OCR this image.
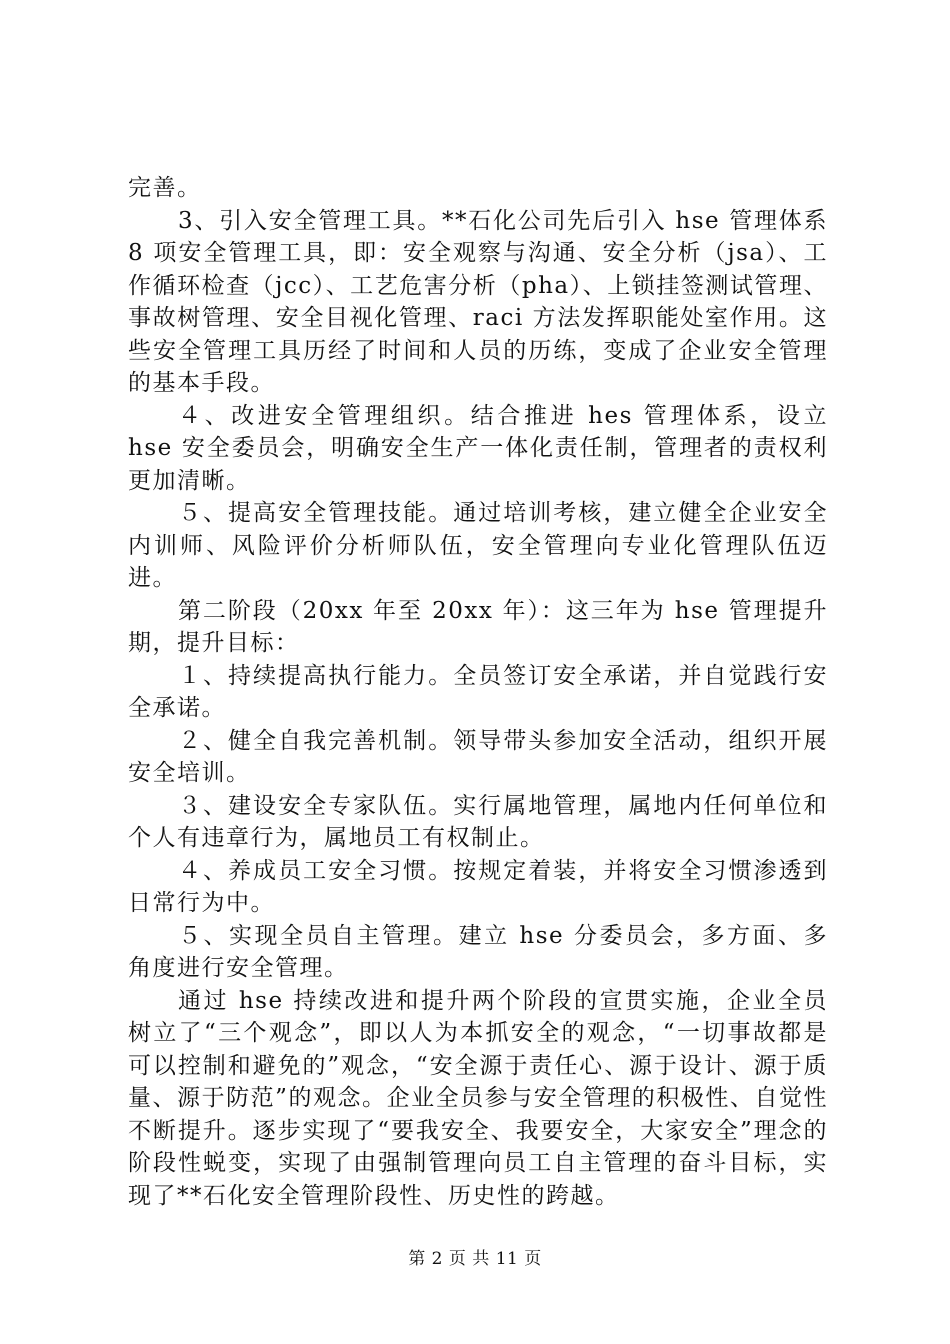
完善。

3、引入安全管理工具。**石化公司先后引入 hse 管理体系 8 项安全管理工具，即：安全观察与沟通、安全分析（jsa）、工作循环检查（jcc）、工艺危害分析（pha）、上锁挂签测试管理、事故树管理、安全目视化管理、raci 方法发挥职能处室作用。这些安全管理工具历经了时间和人员的历练，变成了企业安全管理的基本手段。

４、改进安全管理组织。结合推进 hes 管理体系，设立 hse 安全委员会，明确安全生产一体化责任制，管理者的责权利更加清晰。

５、提高安全管理技能。通过培训考核，建立健全企业安全内训师、风险评价分析师队伍，安全管理向专业化管理队伍迈进。

第二阶段（20xx 年至 20xx 年）：这三年为 hse 管理提升期，提升目标：

１、持续提高执行能力。全员签订安全承诺，并自觉践行安全承诺。

２、健全自我完善机制。领导带头参加安全活动，组织开展安全培训。

３、建设安全专家队伍。实行属地管理，属地内任何单位和个人有违章行为，属地员工有权制止。

４、养成员工安全习惯。按规定着装，并将安全习惯渗透到日常行为中。

５、实现全员自主管理。建立 hse 分委员会，多方面、多角度进行安全管理。

通过 hse 持续改进和提升两个阶段的宣贯实施，企业全员树立了“三个观念”，即以人为本抓安全的观念，“一切事故都是可以控制和避免的”观念，“安全源于责任心、源于设计、源于质量、源于防范”的观念。企业全员参与安全管理的积极性、自觉性不断提升。逐步实现了“要我安全、我要安全，大家安全”理念的阶段性蜕变，实现了由强制管理向员工自主管理的奋斗目标，实现了**石化安全管理阶段性、历史性的跨越。

第 2 页 共 11 页
